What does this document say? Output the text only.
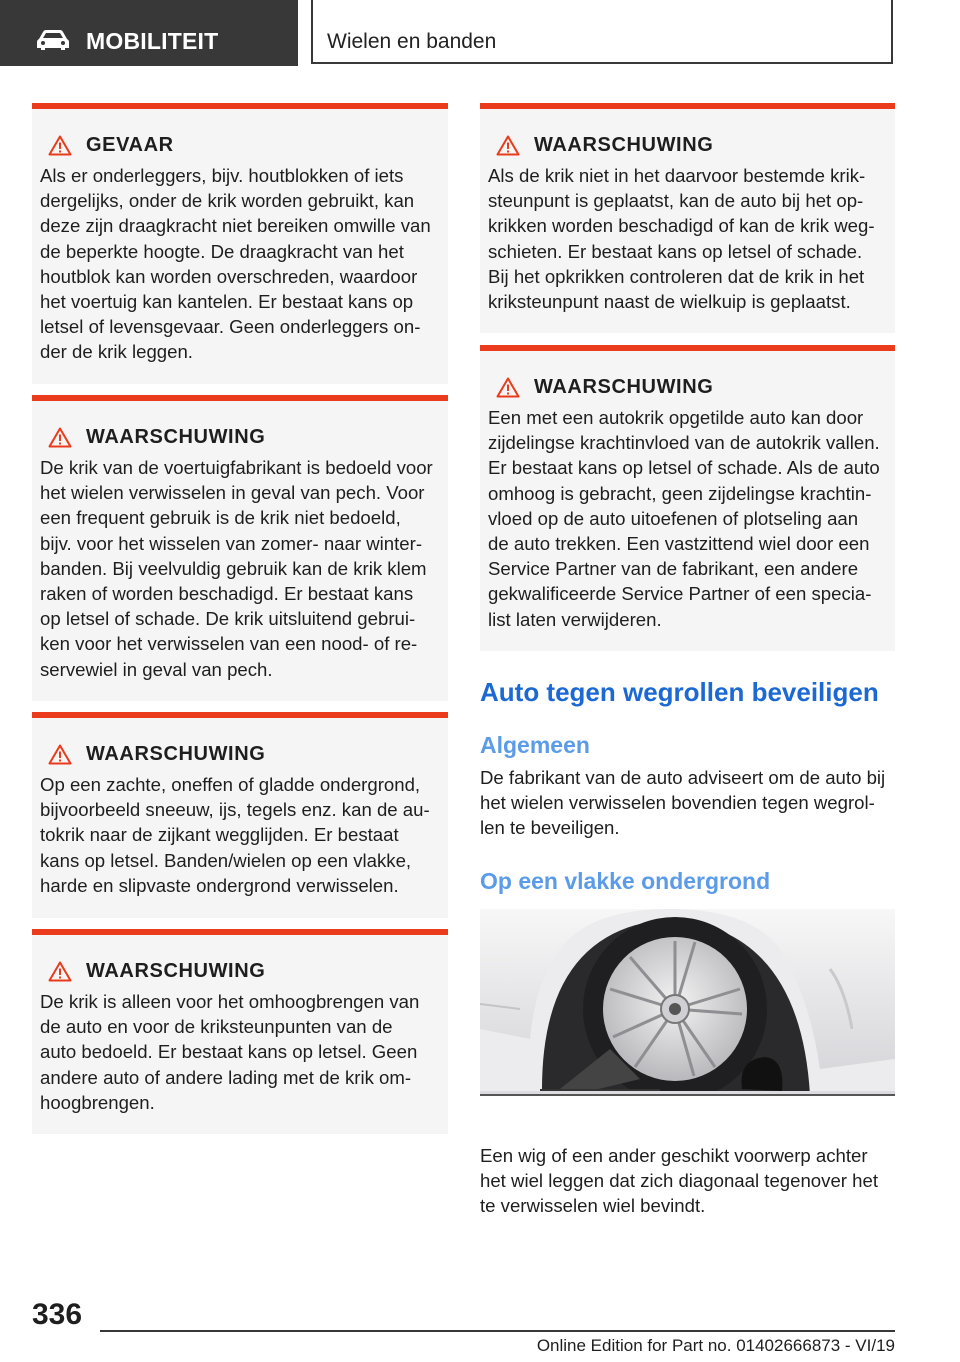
MOBILITEIT	Wielen en banden
GEVAAR
Als er onderleggers, bijv. houtblokken of iets
dergelijks, onder de krik worden gebruikt, kan
deze zijn draagkracht niet bereiken omwille van
de beperkte hoogte. De draagkracht van het
houtblok kan worden overschreden, waardoor
het voertuig kan kantelen. Er bestaat kans op
letsel of levensgevaar. Geen onderleggers on-
der de krik leggen.
WAARSCHUWING
De krik van de voertuigfabrikant is bedoeld voor
het wielen verwisselen in geval van pech. Voor
een frequent gebruik is de krik niet bedoeld,
bijv. voor het wisselen van zomer- naar winter-
banden. Bij veelvuldig gebruik kan de krik klem
raken of worden beschadigd. Er bestaat kans
op letsel of schade. De krik uitsluitend gebrui-
ken voor het verwisselen van een nood- of re-
servewiel in geval van pech.
WAARSCHUWING
Op een zachte, oneffen of gladde ondergrond,
bijvoorbeeld sneeuw, ijs, tegels enz. kan de au-
tokrik naar de zijkant wegglijden. Er bestaat
kans op letsel. Banden/wielen op een vlakke,
harde en slipvaste ondergrond verwisselen.
WAARSCHUWING
De krik is alleen voor het omhoogbrengen van
de auto en voor de kriksteunpunten van de
auto bedoeld. Er bestaat kans op letsel. Geen
andere auto of andere lading met de krik om-
hoogbrengen.
WAARSCHUWING
Als de krik niet in het daarvoor bestemde krik-
steunpunt is geplaatst, kan de auto bij het op-
krikken worden beschadigd of kan de krik weg-
schieten. Er bestaat kans op letsel of schade.
Bij het opkrikken controleren dat de krik in het
kriksteunpunt naast de wielkuip is geplaatst.
WAARSCHUWING
Een met een autokrik opgetilde auto kan door
zijdelingse krachtinvloed van de autokrik vallen.
Er bestaat kans op letsel of schade. Als de auto
omhoog is gebracht, geen zijdelingse krachtin-
vloed op de auto uitoefenen of plotseling aan
de auto trekken. Een vastzittend wiel door een
Service Partner van de fabrikant, een andere
gekwalificeerde Service Partner of een specia-
list laten verwijderen.
Auto tegen wegrollen beveiligen
Algemeen
De fabrikant van de auto adviseert om de auto bij
het wielen verwisselen bovendien tegen wegrol-
len te beveiligen.
Op een vlakke ondergrond
Een wig of een ander geschikt voorwerp achter
het wiel leggen dat zich diagonaal tegenover het
te verwisselen wiel bevindt.
336
Online Edition for Part no. 01402666873 - VI/19
